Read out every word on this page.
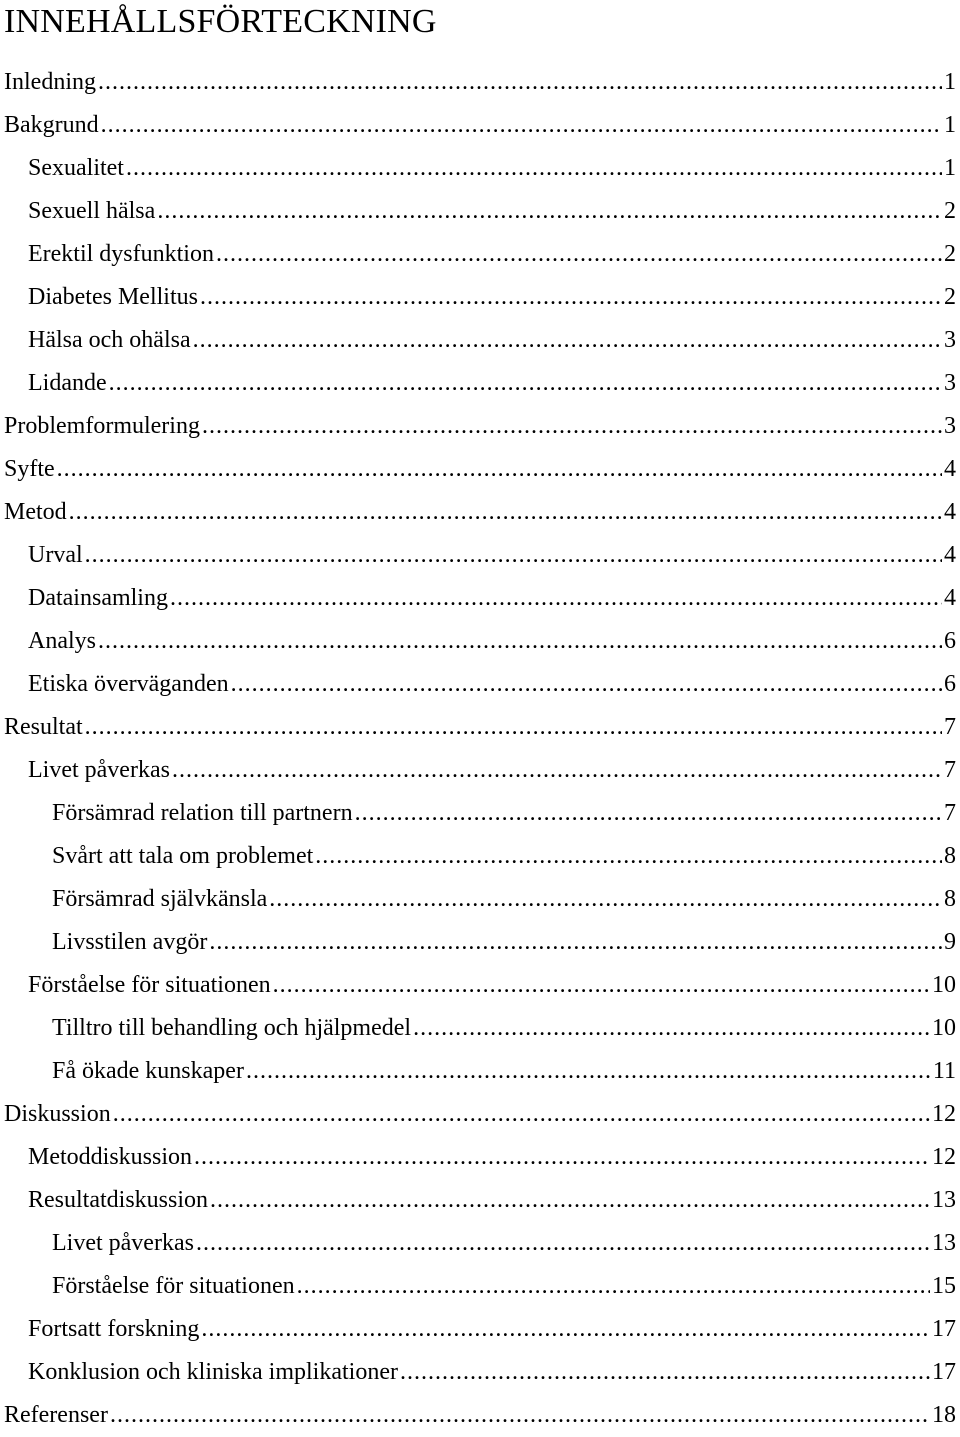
INNEHÅLLSFÖRTECKNING
Inledning .....	1
Bakgrund .....	1
Sexualitet .....	1
Sexuell hälsa .....	2
Erektil dysfunktion .....	2
Diabetes Mellitus .....	2
Hälsa och ohälsa .....	3
Lidande .....	3
Problemformulering .....	3
Syfte .....	4
Metod .....	4
Urval .....	4
Datainsamling .....	4
Analys .....	6
Etiska överväganden .....	6
Resultat .....	7
Livet påverkas .....	7
Försämrad relation till partnern .....	7
Svårt att tala om problemet .....	8
Försämrad självkänsla .....	8
Livsstilen avgör .....	9
Förståelse för situationen .....	10
Tilltro till behandling och hjälpmedel .....	10
Få ökade kunskaper .....	11
Diskussion .....	12
Metoddiskussion .....	12
Resultatdiskussion .....	13
Livet påverkas .....	13
Förståelse för situationen .....	15
Fortsatt forskning .....	17
Konklusion och kliniska implikationer .....	17
Referenser .....	18
